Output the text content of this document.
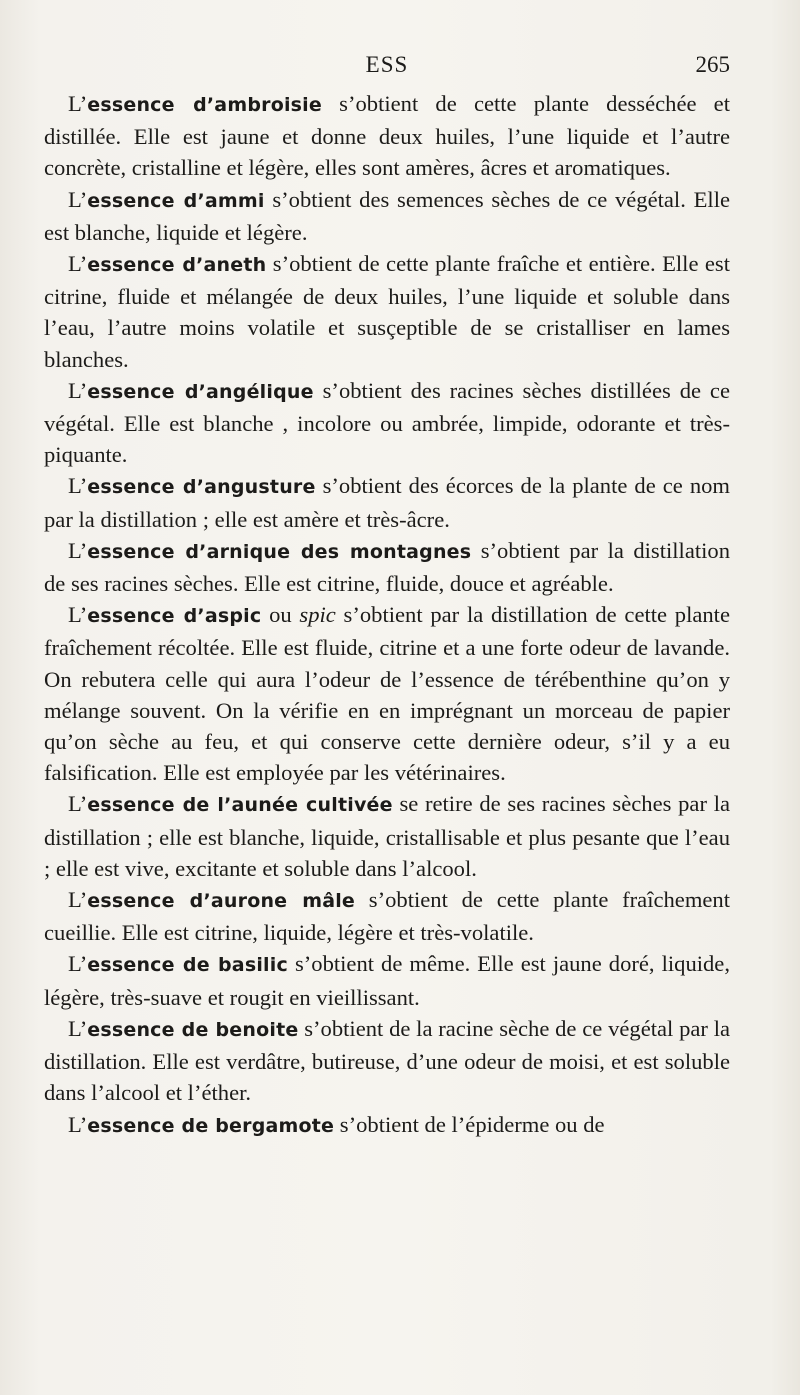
ESS	265

L’essence d’ambroisie s’obtient de cette plante desséchée et distillée. Elle est jaune et donne deux huiles, l’une liquide et l’autre concrète, cristalline et légère, elles sont amères, âcres et aromatiques.

L’essence d’ammi s’obtient des semences sèches de ce végétal. Elle est blanche, liquide et légère.

L’essence d’aneth s’obtient de cette plante fraîche et entière. Elle est citrine, fluide et mélangée de deux huiles, l’une liquide et soluble dans l’eau, l’autre moins volatile et susçeptible de se cristalliser en lames blanches.

L’essence d’angélique s’obtient des racines sèches distillées de ce végétal. Elle est blanche , incolore ou ambrée, limpide, odorante et très-piquante.

L’essence d’angusture s’obtient des écorces de la plante de ce nom par la distillation ; elle est amère et très-âcre.

L’essence d’arnique des montagnes s’obtient par la distillation de ses racines sèches. Elle est citrine, fluide, douce et agréable.

L’essence d’aspic ou spic s’obtient par la distillation de cette plante fraîchement récoltée. Elle est fluide, citrine et a une forte odeur de lavande. On rebutera celle qui aura l’odeur de l’essence de térébenthine qu’on y mélange souvent. On la vérifie en en imprégnant un morceau de papier qu’on sèche au feu, et qui conserve cette dernière odeur, s’il y a eu falsification. Elle est employée par les vétérinaires.

L’essence de l’aunée cultivée se retire de ses racines sèches par la distillation ; elle est blanche, liquide, cristallisable et plus pesante que l’eau ; elle est vive, excitante et soluble dans l’alcool.

L’essence d’aurone mâle s’obtient de cette plante fraîchement cueillie. Elle est citrine, liquide, légère et très-volatile.

L’essence de basilic s’obtient de même. Elle est jaune doré, liquide, légère, très-suave et rougit en vieillissant.

L’essence de benoite s’obtient de la racine sèche de ce végétal par la distillation. Elle est verdâtre, butireuse, d’une odeur de moisi, et est soluble dans l’alcool et l’éther.

L’essence de bergamote s’obtient de l’épiderme ou de
